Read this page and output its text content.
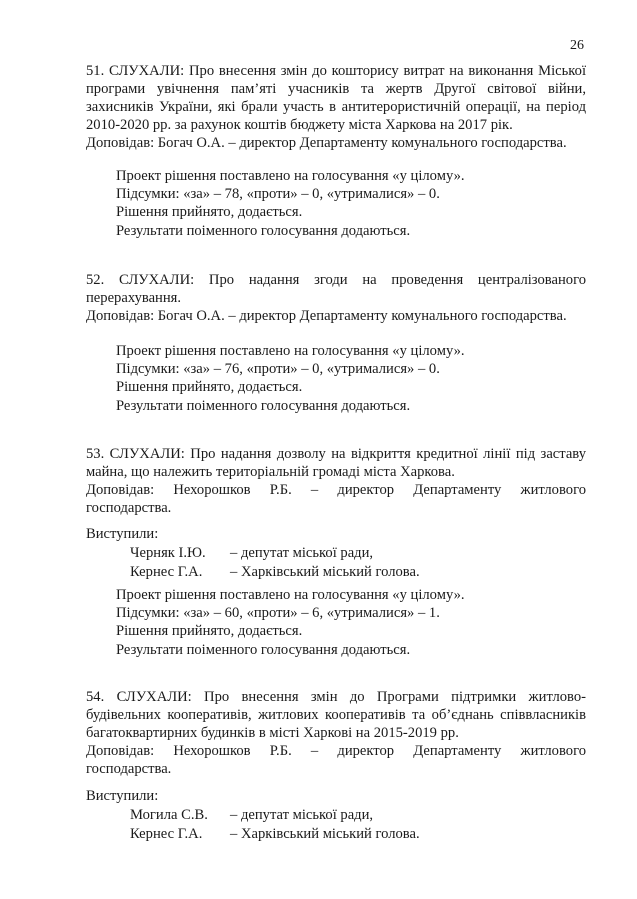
26
51. СЛУХАЛИ: Про внесення змін до кошторису витрат на виконання Міської
програми увічнення пам’яті учасників та жертв Другої світової війни,
захисників України, які брали участь в антитерористичній операції, на період
2010-2020 рр. за рахунок коштів бюджету міста Харкова на 2017 рік.
Доповідав: Богач О.А. – директор Департаменту комунального господарства.
Проект рішення поставлено на голосування «у цілому».
Підсумки: «за» – 78, «проти» – 0, «утрималися» – 0.
Рішення прийнято, додається.
Результати поіменного голосування додаються.
52. СЛУХАЛИ: Про надання згоди на проведення централізованого
перерахування.
Доповідав: Богач О.А. – директор Департаменту комунального господарства.
Проект рішення поставлено на голосування «у цілому».
Підсумки: «за» – 76, «проти» – 0, «утрималися» – 0.
Рішення прийнято, додається.
Результати поіменного голосування додаються.
53. СЛУХАЛИ: Про надання дозволу на відкриття кредитної лінії під заставу
майна, що належить територіальній громаді міста Харкова.
Доповідав: Нехорошков Р.Б. – директор Департаменту житлового
господарства.
Виступили:
Черняк І.Ю.	– депутат міської ради,
Кернес Г.А.	– Харківський міський голова.
Проект рішення поставлено на голосування «у цілому».
Підсумки: «за» – 60, «проти» – 6, «утрималися» – 1.
Рішення прийнято, додається.
Результати поіменного голосування додаються.
54. СЛУХАЛИ: Про внесення змін до Програми підтримки житлово-
будівельних кооперативів, житлових кооперативів та об’єднань співвласників
багатоквартирних будинків в місті Харкові на 2015-2019 рр.
Доповідав: Нехорошков Р.Б. – директор Департаменту житлового
господарства.
Виступили:
Могила С.В.	– депутат міської ради,
Кернес Г.А.	– Харківський міський голова.
